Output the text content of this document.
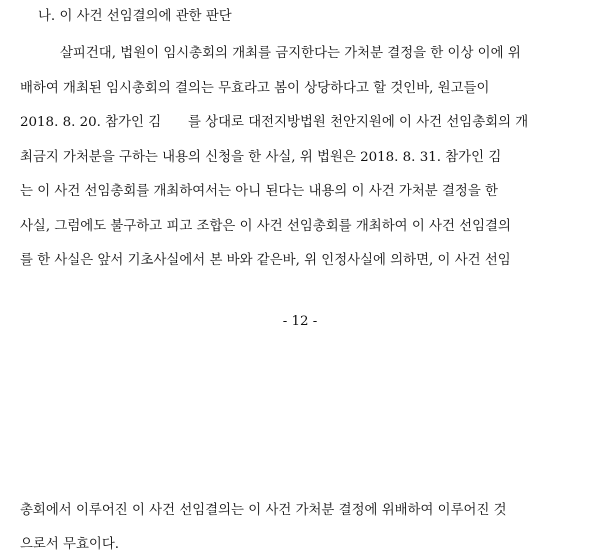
나. 이 사건 선임결의에 관한 판단
살피건대, 법원이 임시총회의 개최를 금지한다는 가처분 결정을 한 이상 이에 위
배하여 개최된 임시총회의 결의는 무효라고 봄이 상당하다고 할 것인바, 원고들이
2018. 8. 20. 참가인 김　　를 상대로 대전지방법원 천안지원에 이 사건 선임총회의 개
최금지 가처분을 구하는 내용의 신청을 한 사실, 위 법원은 2018. 8. 31. 참가인 김
는 이 사건 선임총회를 개최하여서는 아니 된다는 내용의 이 사건 가처분 결정을 한
사실, 그럼에도 불구하고 피고 조합은 이 사건 선임총회를 개최하여 이 사건 선임결의
를 한 사실은 앞서 기초사실에서 본 바와 같은바, 위 인정사실에 의하면, 이 사건 선임
- 12 -
총회에서 이루어진 이 사건 선임결의는 이 사건 가처분 결정에 위배하여 이루어진 것
으로서 무효이다.
